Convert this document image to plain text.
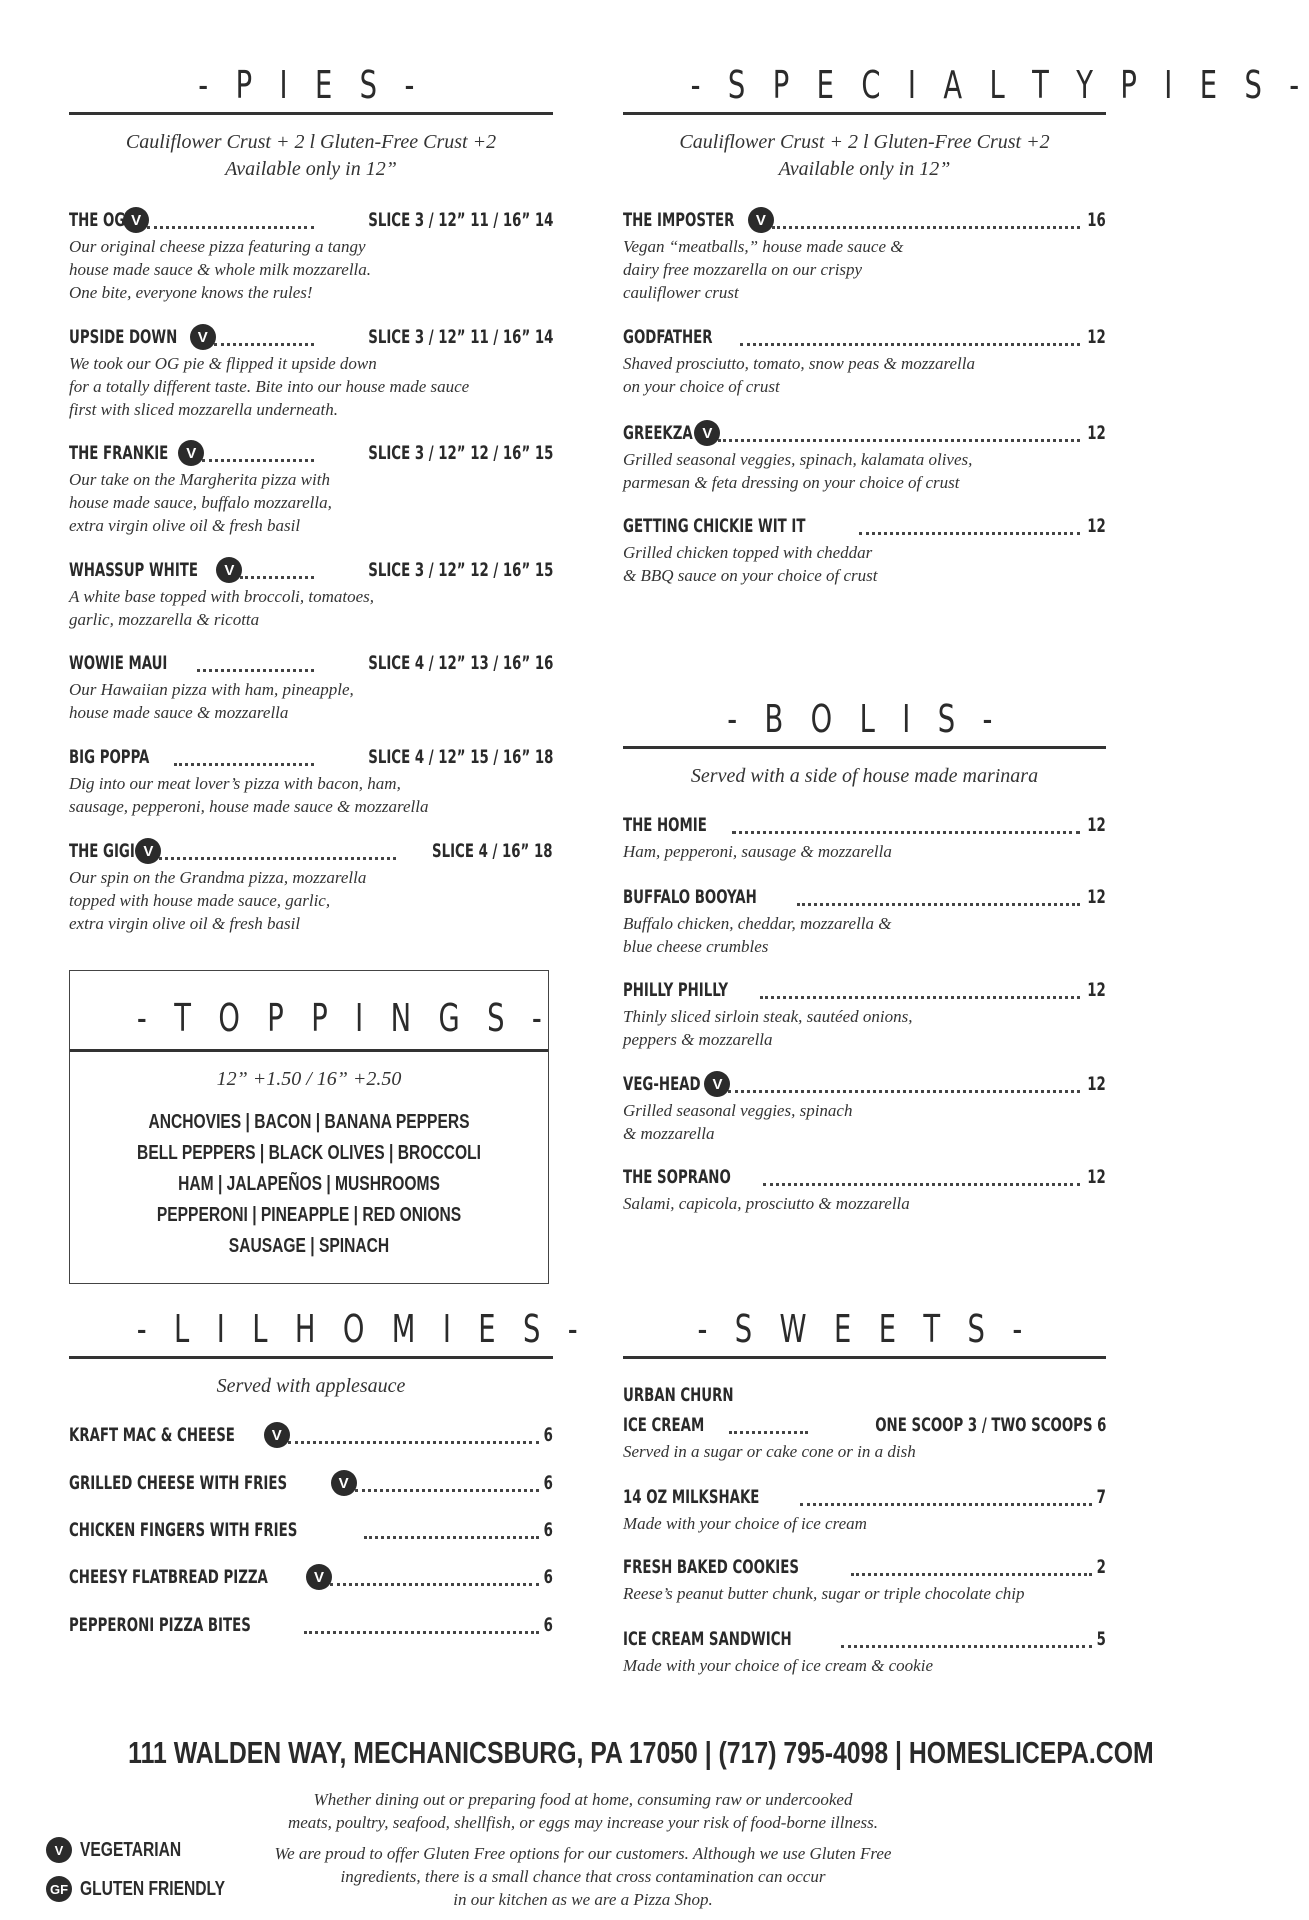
- P I E S -
Cauliflower Crust + 2 l Gluten-Free Crust +2
Available only in 12”
THE OG V	SLICE 3 / 12” 11 / 16” 14
Our original cheese pizza featuring a tangy
house made sauce & whole milk mozzarella.
One bite, everyone knows the rules!
UPSIDE DOWN	V	SLICE 3 / 12” 11 / 16” 14
We took our OG pie & flipped it upside down
for a totally different taste. Bite into our house made sauce
first with sliced mozzarella underneath.
THE FRANKIE	V	SLICE 3 / 12” 12 / 16” 15
Our take on the Margherita pizza with
house made sauce, buffalo mozzarella,
extra virgin olive oil & fresh basil
WHASSUP WHITE	V	SLICE 3 / 12” 12 / 16” 15
A white base topped with broccoli, tomatoes,
garlic, mozzarella & ricotta
WOWIE MAUI	SLICE 4 / 12” 13 / 16” 16
Our Hawaiian pizza with ham, pineapple,
house made sauce & mozzarella
BIG POPPA	SLICE 4 / 12” 15 / 16” 18
Dig into our meat lover’s pizza with bacon, ham,
sausage, pepperoni, house made sauce & mozzarella
THE GIGI V	SLICE 4 / 16” 18
Our spin on the Grandma pizza, mozzarella
topped with house made sauce, garlic,
extra virgin olive oil & fresh basil
- T O P P I N G S -
12” +1.50 / 16” +2.50
ANCHOVIES | BACON | BANANA PEPPERS
BELL PEPPERS | BLACK OLIVES | BROCCOLI
HAM | JALAPEÑOS | MUSHROOMS
PEPPERONI | PINEAPPLE | RED ONIONS
SAUSAGE | SPINACH
- L I L H O M I E S -
Served with applesauce
KRAFT MAC & CHEESE	V	6
GRILLED CHEESE WITH FRIES	V	6
CHICKEN FINGERS WITH FRIES	6
CHEESY FLATBREAD PIZZA	V	6
PEPPERONI PIZZA BITES	6
- S P E C I A L T Y P I E S -
Cauliflower Crust + 2 l Gluten-Free Crust +2
Available only in 12”
THE IMPOSTER	V	16
Vegan “meatballs,” house made sauce &
dairy free mozzarella on our crispy
cauliflower crust
GODFATHER	12
Shaved prosciutto, tomato, snow peas & mozzarella
on your choice of crust
GREEKZA V	12
Grilled seasonal veggies, spinach, kalamata olives,
parmesan & feta dressing on your choice of crust
GETTING CHICKIE WIT IT	12
Grilled chicken topped with cheddar
& BBQ sauce on your choice of crust
- B O L I S -
Served with a side of house made marinara
THE HOMIE	12
Ham, pepperoni, sausage & mozzarella
BUFFALO BOOYAH	12
Buffalo chicken, cheddar, mozzarella &
blue cheese crumbles
PHILLY PHILLY	12
Thinly sliced sirloin steak, sautéed onions,
peppers & mozzarella
VEG-HEAD V	12
Grilled seasonal veggies, spinach
& mozzarella
THE SOPRANO	12
Salami, capicola, prosciutto & mozzarella
- S W E E T S -
URBAN CHURN
ICE CREAM	ONE SCOOP 3 / TWO SCOOPS 6
Served in a sugar or cake cone or in a dish
14 OZ MILKSHAKE	7
Made with your choice of ice cream
FRESH BAKED COOKIES	2
Reese’s peanut butter chunk, sugar or triple chocolate chip
ICE CREAM SANDWICH	5
Made with your choice of ice cream & cookie
111 WALDEN WAY, MECHANICSBURG, PA 17050 | (717) 795-4098 | HOMESLICEPA.COM
Whether dining out or preparing food at home, consuming raw or undercooked
meats, poultry, seafood, shellfish, or eggs may increase your risk of food-borne illness.
We are proud to offer Gluten Free options for our customers. Although we use Gluten Free
ingredients, there is a small chance that cross contamination can occur
in our kitchen as we are a Pizza Shop.
V VEGETARIAN
GF GLUTEN FRIENDLY
